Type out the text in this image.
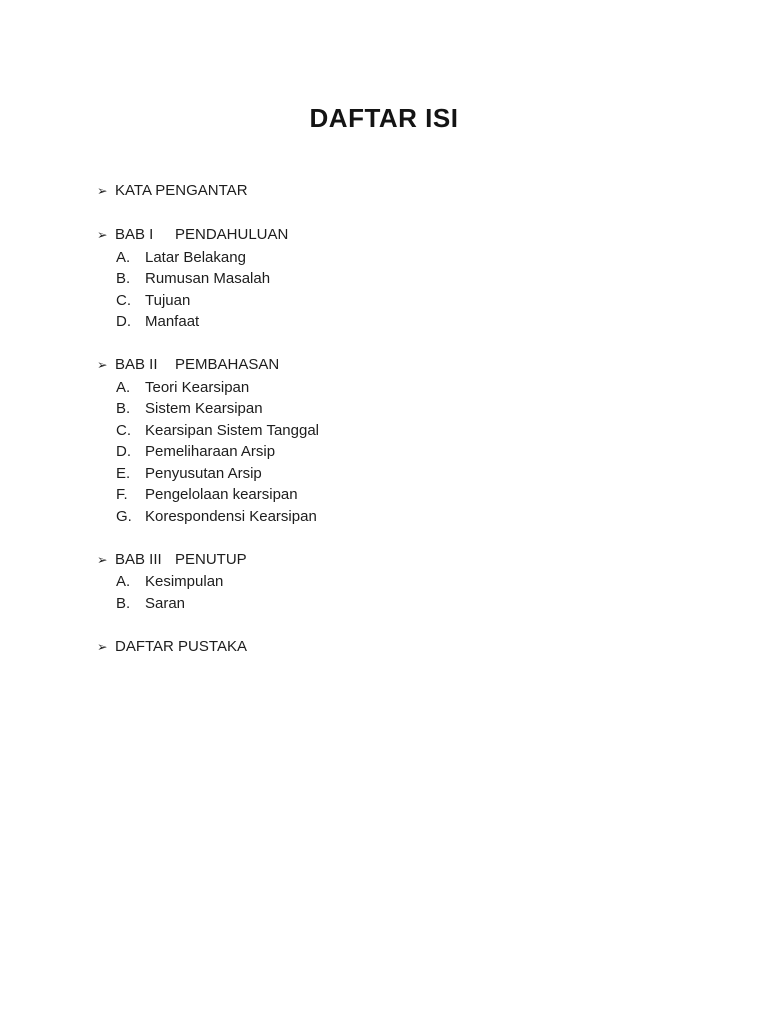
DAFTAR ISI
➢ KATA PENGANTAR
➢ BAB I	PENDAHULUAN
A. Latar Belakang
B. Rumusan Masalah
C. Tujuan
D. Manfaat
➢ BAB II	PEMBAHASAN
A. Teori Kearsipan
B. Sistem Kearsipan
C. Kearsipan Sistem Tanggal
D. Pemeliharaan Arsip
E. Penyusutan Arsip
F.	Pengelolaan kearsipan
G. Korespondensi Kearsipan
➢ BAB III PENUTUP
A. Kesimpulan
B. Saran
➢ DAFTAR PUSTAKA
